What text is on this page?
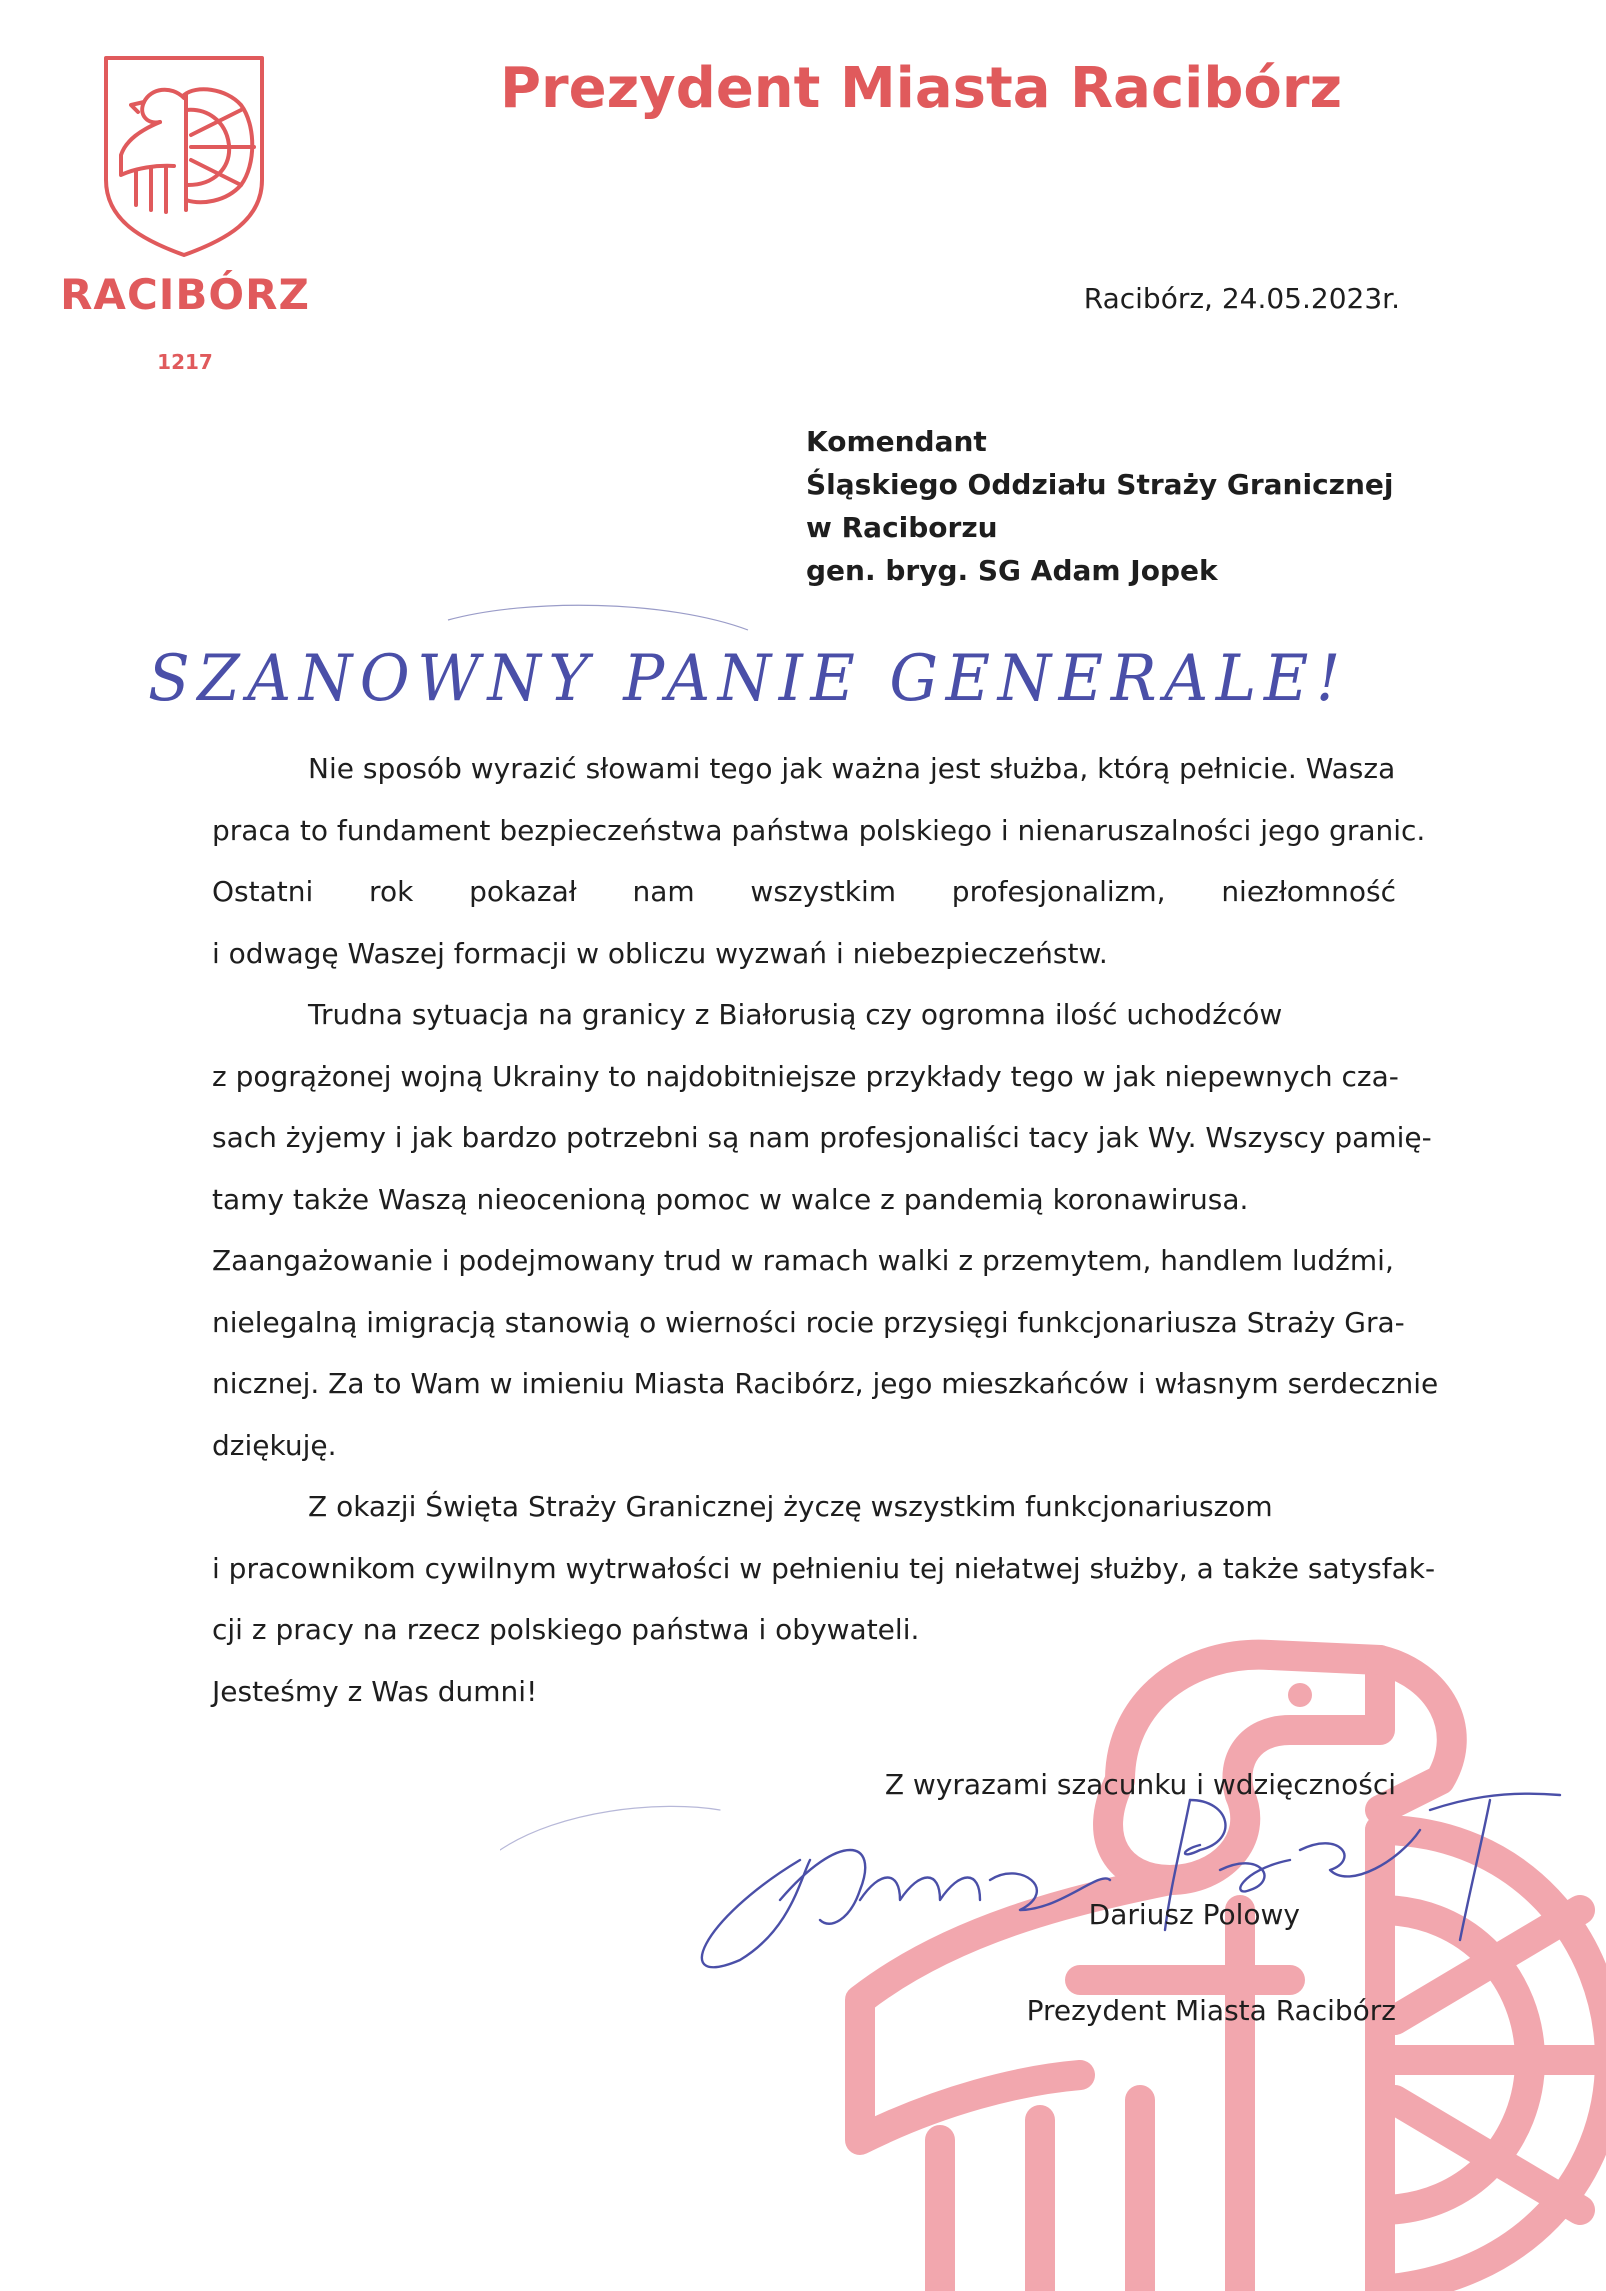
RACIBÓRZ
1217
Prezydent Miasta Racibórz
Racibórz, 24.05.2023r.
Komendant
Śląskiego Oddziału Straży Granicznej
w Raciborzu
gen. bryg. SG Adam Jopek
SZANOWNY PANIE GENERALE!
Nie sposób wyrazić słowami tego jak ważna jest służba, którą pełnicie. Wasza
praca to fundament bezpieczeństwa państwa polskiego i nienaruszalności jego granic.
Ostatni rok pokazał nam wszystkim profesjonalizm, niezłomność
i odwagę Waszej formacji w obliczu wyzwań i niebezpieczeństw.
Trudna sytuacja na granicy z Białorusią czy ogromna ilość uchodźców
z pogrążonej wojną Ukrainy to najdobitniejsze przykłady tego w jak niepewnych cza-
sach żyjemy i jak bardzo potrzebni są nam profesjonaliści tacy jak Wy. Wszyscy pamię-
tamy także Waszą nieocenioną pomoc w walce z pandemią koronawirusa.
Zaangażowanie i podejmowany trud w ramach walki z przemytem, handlem ludźmi,
nielegalną imigracją stanowią o wierności rocie przysięgi funkcjonariusza Straży Gra-
nicznej. Za to Wam w imieniu Miasta Racibórz, jego mieszkańców i własnym serdecznie
dziękuję.
Z okazji Święta Straży Granicznej życzę wszystkim funkcjonariuszom
i pracownikom cywilnym wytrwałości w pełnieniu tej niełatwej służby, a także satysfak-
cji z pracy na rzecz polskiego państwa i obywateli.
Jesteśmy z Was dumni!
Z wyrazami szacunku i wdzięczności
Dariusz Polowy
Prezydent Miasta Racibórz
